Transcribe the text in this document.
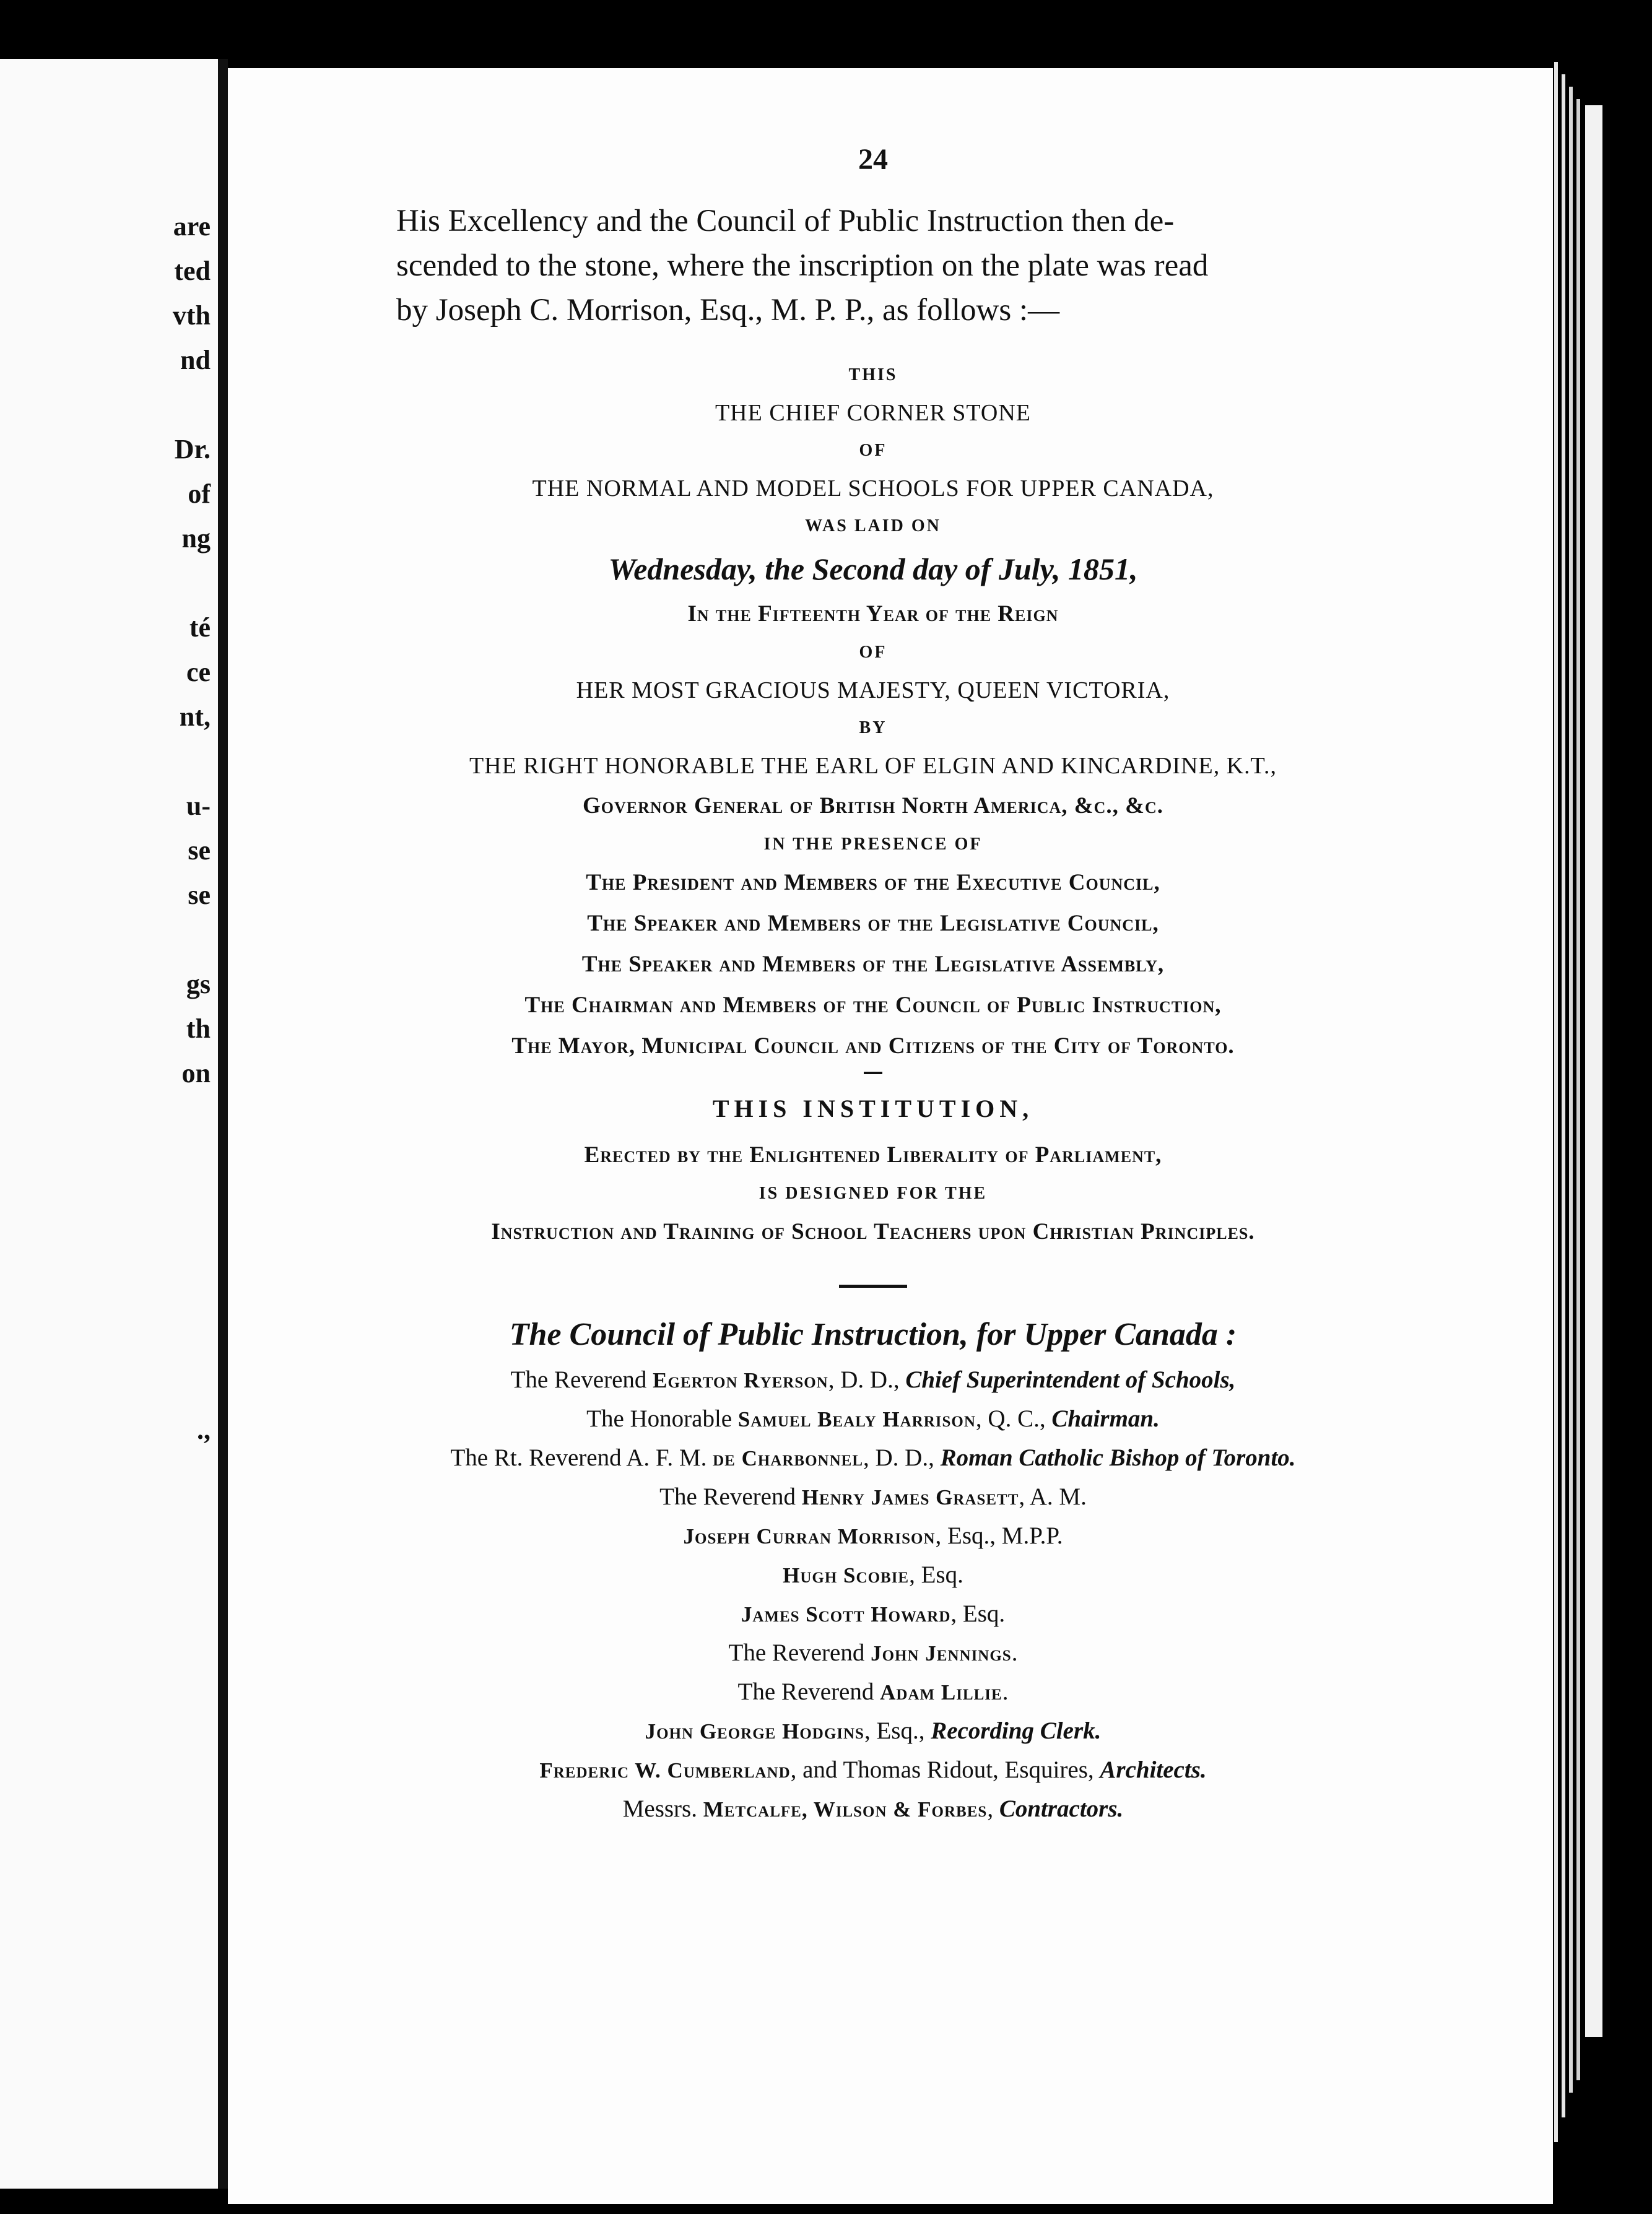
are
ted
vth
nd
Dr.
of
ng
té
ce
nt,
u-
se
se
gs
th
on
.,
24
His Excellency and the Council of Public Instruction then de-
scended to the stone, where the inscription on the plate was read
by Joseph C. Morrison, Esq., M. P. P., as follows :—
THIS
THE CHIEF CORNER STONE
OF
THE NORMAL AND MODEL SCHOOLS FOR UPPER CANADA,
WAS LAID ON
Wednesday, the Second day of July, 1851,
In the Fifteenth Year of the Reign
OF
HER MOST GRACIOUS MAJESTY, QUEEN VICTORIA,
BY
THE RIGHT HONORABLE THE EARL OF ELGIN AND KINCARDINE, K.T.,
Governor General of British North America, &c., &c.
IN THE PRESENCE OF
The President and Members of the Executive Council,
The Speaker and Members of the Legislative Council,
The Speaker and Members of the Legislative Assembly,
The Chairman and Members of the Council of Public Instruction,
The Mayor, Municipal Council and Citizens of the City of Toronto.
THIS INSTITUTION,
Erected by the Enlightened Liberality of Parliament,
IS DESIGNED FOR THE
Instruction and Training of School Teachers upon Christian Principles.
The Council of Public Instruction, for Upper Canada :
The Reverend Egerton Ryerson, D. D., Chief Superintendent of Schools,
The Honorable Samuel Bealy Harrison, Q. C., Chairman.
The Rt. Reverend A. F. M. de Charbonnel, D. D., Roman Catholic Bishop of Toronto.
The Reverend Henry James Grasett, A. M.
Joseph Curran Morrison, Esq., M.P.P.
Hugh Scobie, Esq.
James Scott Howard, Esq.
The Reverend John Jennings.
The Reverend Adam Lillie.
John George Hodgins, Esq., Recording Clerk.
Frederic W. Cumberland, and Thomas Ridout, Esquires, Architects.
Messrs. Metcalfe, Wilson & Forbes, Contractors.
